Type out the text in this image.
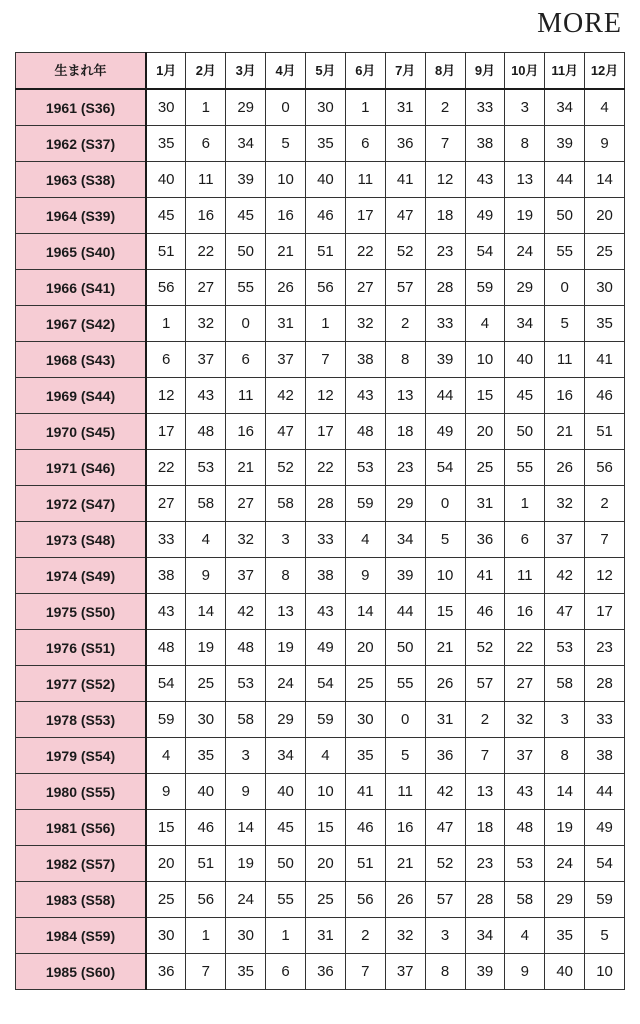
MORE
生まれ年	1月	2月	3月	4月	5月	6月	7月	8月	9月	10月	11月	12月
1961 (S36)	30	1	29	0	30	1	31	2	33	3	34	4
1962 (S37)	35	6	34	5	35	6	36	7	38	8	39	9
1963 (S38)	40	11	39	10	40	11	41	12	43	13	44	14
1964 (S39)	45	16	45	16	46	17	47	18	49	19	50	20
1965 (S40)	51	22	50	21	51	22	52	23	54	24	55	25
1966 (S41)	56	27	55	26	56	27	57	28	59	29	0	30
1967 (S42)	1	32	0	31	1	32	2	33	4	34	5	35
1968 (S43)	6	37	6	37	7	38	8	39	10	40	11	41
1969 (S44)	12	43	11	42	12	43	13	44	15	45	16	46
1970 (S45)	17	48	16	47	17	48	18	49	20	50	21	51
1971 (S46)	22	53	21	52	22	53	23	54	25	55	26	56
1972 (S47)	27	58	27	58	28	59	29	0	31	1	32	2
1973 (S48)	33	4	32	3	33	4	34	5	36	6	37	7
1974 (S49)	38	9	37	8	38	9	39	10	41	11	42	12
1975 (S50)	43	14	42	13	43	14	44	15	46	16	47	17
1976 (S51)	48	19	48	19	49	20	50	21	52	22	53	23
1977 (S52)	54	25	53	24	54	25	55	26	57	27	58	28
1978 (S53)	59	30	58	29	59	30	0	31	2	32	3	33
1979 (S54)	4	35	3	34	4	35	5	36	7	37	8	38
1980 (S55)	9	40	9	40	10	41	11	42	13	43	14	44
1981 (S56)	15	46	14	45	15	46	16	47	18	48	19	49
1982 (S57)	20	51	19	50	20	51	21	52	23	53	24	54
1983 (S58)	25	56	24	55	25	56	26	57	28	58	29	59
1984 (S59)	30	1	30	1	31	2	32	3	34	4	35	5
1985 (S60)	36	7	35	6	36	7	37	8	39	9	40	10
